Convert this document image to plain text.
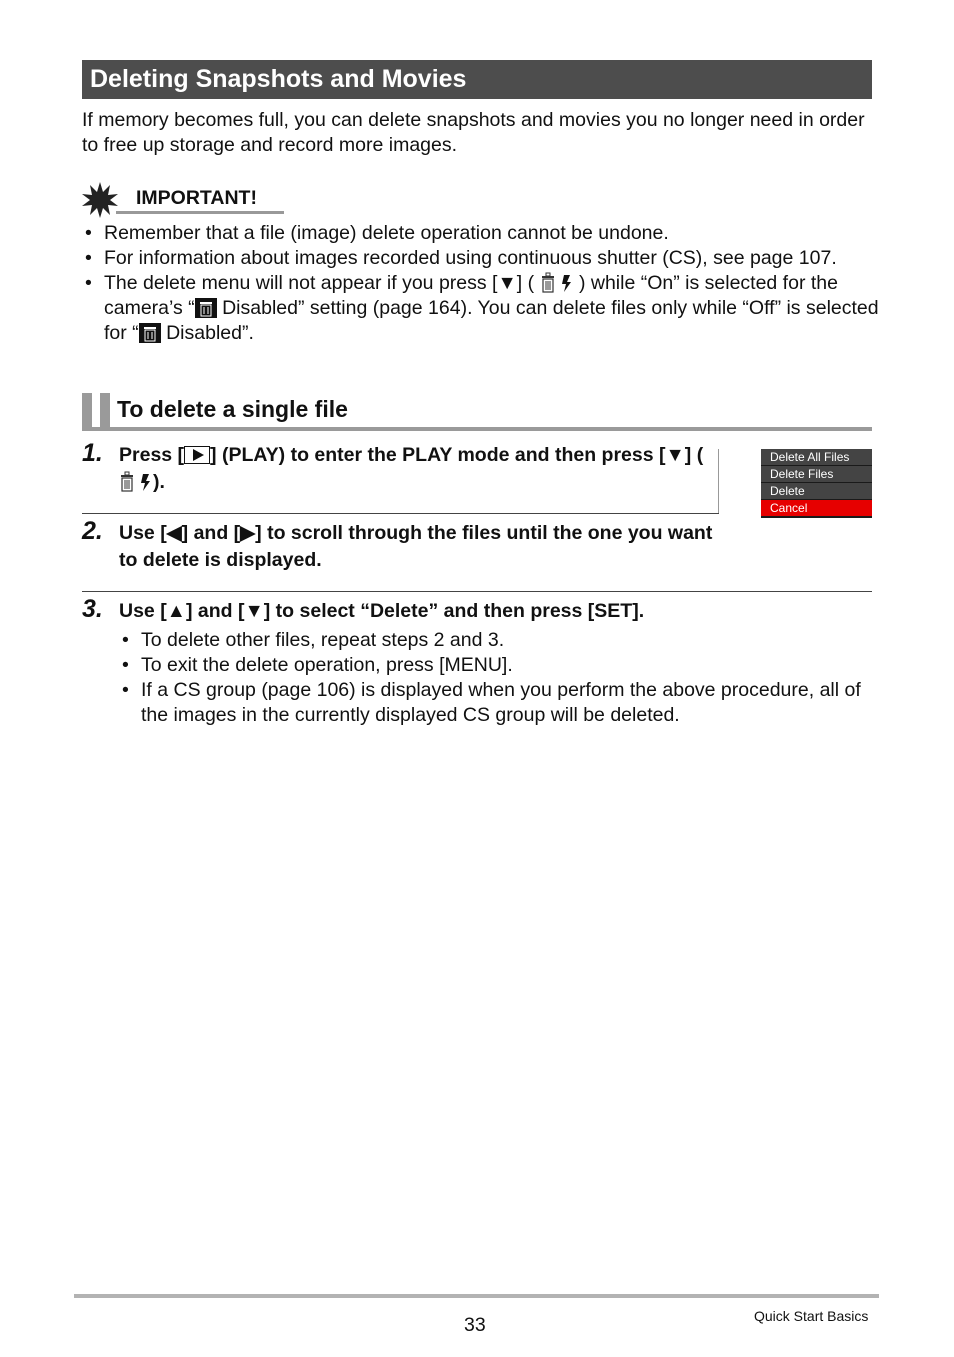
Deleting Snapshots and Movies
If memory becomes full, you can delete snapshots and movies you no longer need in order to free up storage and record more images.
IMPORTANT!
• Remember that a file (image) delete operation cannot be undone.
• For information about images recorded using continuous shutter (CS), see page 107.
• The delete menu will not appear if you press [▼] ( ) while “On” is selected for the camera’s “ Disabled” setting (page 164). You can delete files only while “Off” is selected for “ Disabled”.
To delete a single file
1. Press [ ] (PLAY) to enter the PLAY mode and then press [▼] ( ).
Delete All Files
Delete Files
Delete
Cancel
2. Use [◀] and [▶] to scroll through the files until the one you want to delete is displayed.
3. Use [▲] and [▼] to select “Delete” and then press [SET].
• To delete other files, repeat steps 2 and 3.
• To exit the delete operation, press [MENU].
• If a CS group (page 106) is displayed when you perform the above procedure, all of the images in the currently displayed CS group will be deleted.
33	Quick Start Basics
